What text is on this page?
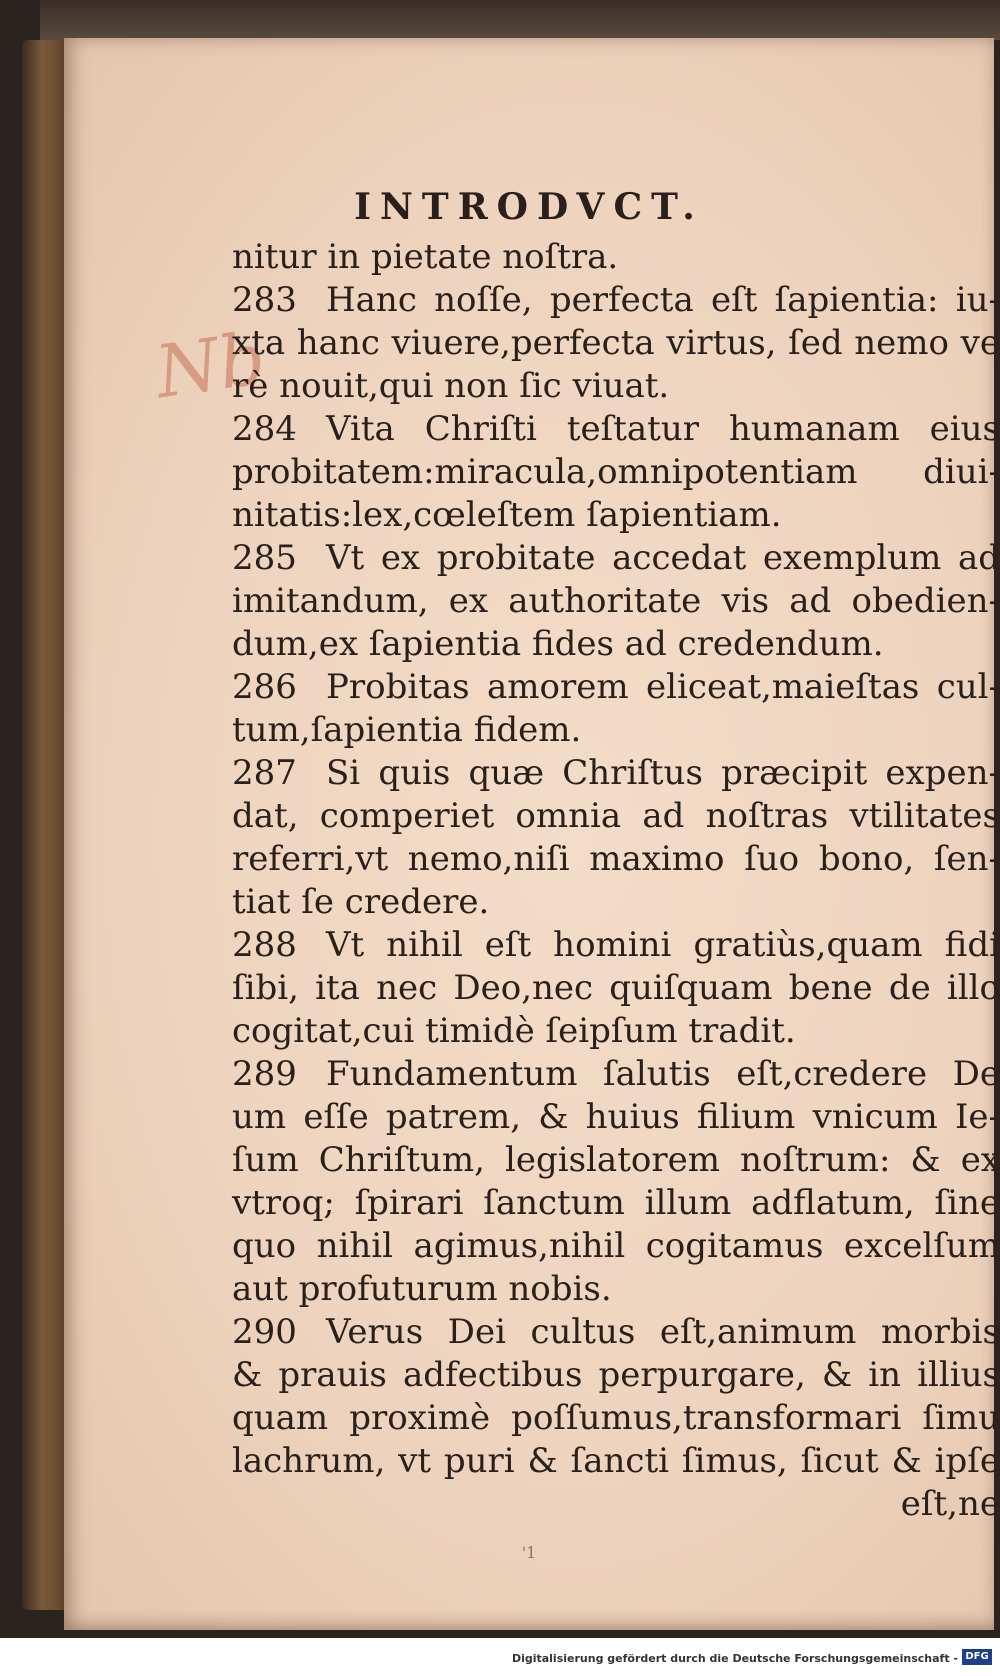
INTRODVCT.
Nb
nitur in pietate noſtra.
283 Hanc noſſe, perfecta eſt ſapientia: iu-
xta hanc viuere,perfecta virtus, ſed nemo ve
rè nouit,qui non ſic viuat.
284 Vita Chriſti teſtatur humanam eius
probitatem:miracula,omnipotentiam diui-
nitatis:lex,cœleſtem ſapientiam.
285 Vt ex probitate accedat exemplum ad
imitandum, ex authoritate vis ad obedien-
dum,ex ſapientia fides ad credendum.
286 Probitas amorem eliceat,maieſtas cul-
tum,ſapientia fidem.
287 Si quis quæ Chriſtus præcipit expen-
dat, comperiet omnia ad noſtras vtilitates
referri,vt nemo,niſi maximo ſuo bono, ſen-
tiat ſe credere.
288 Vt nihil eſt homini gratiùs,quam fidi
ſibi, ita nec Deo,nec quiſquam bene de illo
cogitat,cui timidè ſeipſum tradit.
289 Fundamentum ſalutis eſt,credere De
um eſſe patrem, & huius filium vnicum Ie-
ſum Chriſtum, legislatorem noſtrum: & ex
vtroq; ſpirari ſanctum illum adflatum, ſine
quo nihil agimus,nihil cogitamus excelſum
aut profuturum nobis.
290 Verus Dei cultus eſt,animum morbis
& prauis adfectibus perpurgare, & in illius
quam proximè poſſumus,transformari ſimu
lachrum, vt puri & ſancti ſimus, ſicut & ipſe
eſt,ne
'1
Digitalisierung gefördert durch die Deutsche Forschungsgemeinschaft - DFG
